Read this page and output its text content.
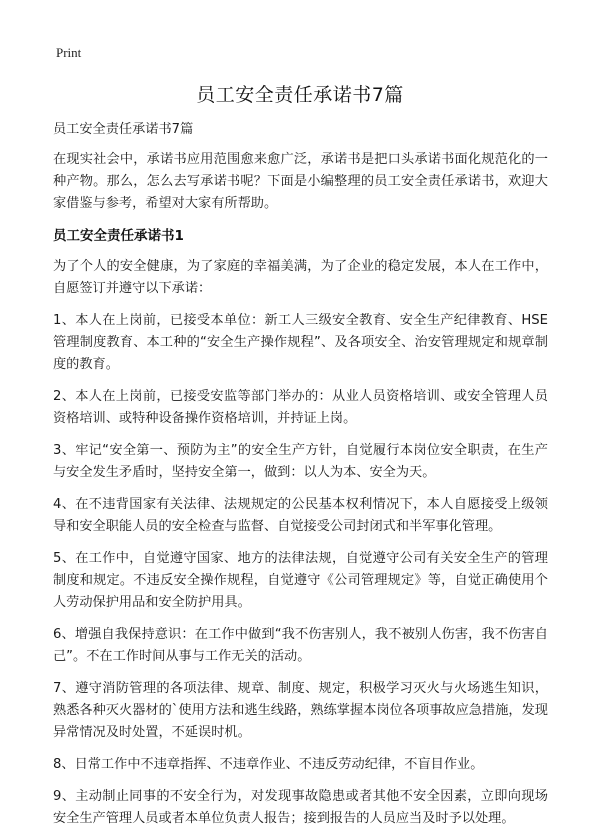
Print
员工安全责任承诺书7篇
员工安全责任承诺书7篇

在现实社会中，承诺书应用范围愈来愈广泛，承诺书是把口头承诺书面化规范化的一种产物。那么，怎么去写承诺书呢？下面是小编整理的员工安全责任承诺书，欢迎大家借鉴与参考，希望对大家有所帮助。

员工安全责任承诺书1

为了个人的安全健康，为了家庭的幸福美满，为了企业的稳定发展，本人在工作中，自愿签订并遵守以下承诺：

1、本人在上岗前，已接受本单位：新工人三级安全教育、安全生产纪律教育、HSE管理制度教育、本工种的“安全生产操作规程”、及各项安全、治安管理规定和规章制度的教育。

2、本人在上岗前，已接受安监等部门举办的：从业人员资格培训、或安全管理人员资格培训、或特种设备操作资格培训，并持证上岗。

3、牢记“安全第一、预防为主”的安全生产方针，自觉履行本岗位安全职责，在生产与安全发生矛盾时，坚持安全第一，做到：以人为本、安全为天。

4、在不违背国家有关法律、法规规定的公民基本权利情况下，本人自愿接受上级领导和安全职能人员的安全检查与监督、自觉接受公司封闭式和半军事化管理。

5、在工作中，自觉遵守国家、地方的法律法规，自觉遵守公司有关安全生产的管理制度和规定。不违反安全操作规程，自觉遵守《公司管理规定》等，自觉正确使用个人劳动保护用品和安全防护用具。

6、增强自我保持意识：在工作中做到“我不伤害别人，我不被别人伤害，我不伤害自己”。不在工作时间从事与工作无关的活动。

7、遵守消防管理的各项法律、规章、制度、规定，积极学习灭火与火场逃生知识，熟悉各种灭火器材的`使用方法和逃生线路，熟练掌握本岗位各项事故应急措施，发现异常情况及时处置，不延误时机。

8、日常工作中不违章指挥、不违章作业、不违反劳动纪律，不盲目作业。

9、主动制止同事的不安全行为，对发现事故隐患或者其他不安全因素，立即向现场安全生产管理人员或者本单位负责人报告；接到报告的人员应当及时予以处理。
